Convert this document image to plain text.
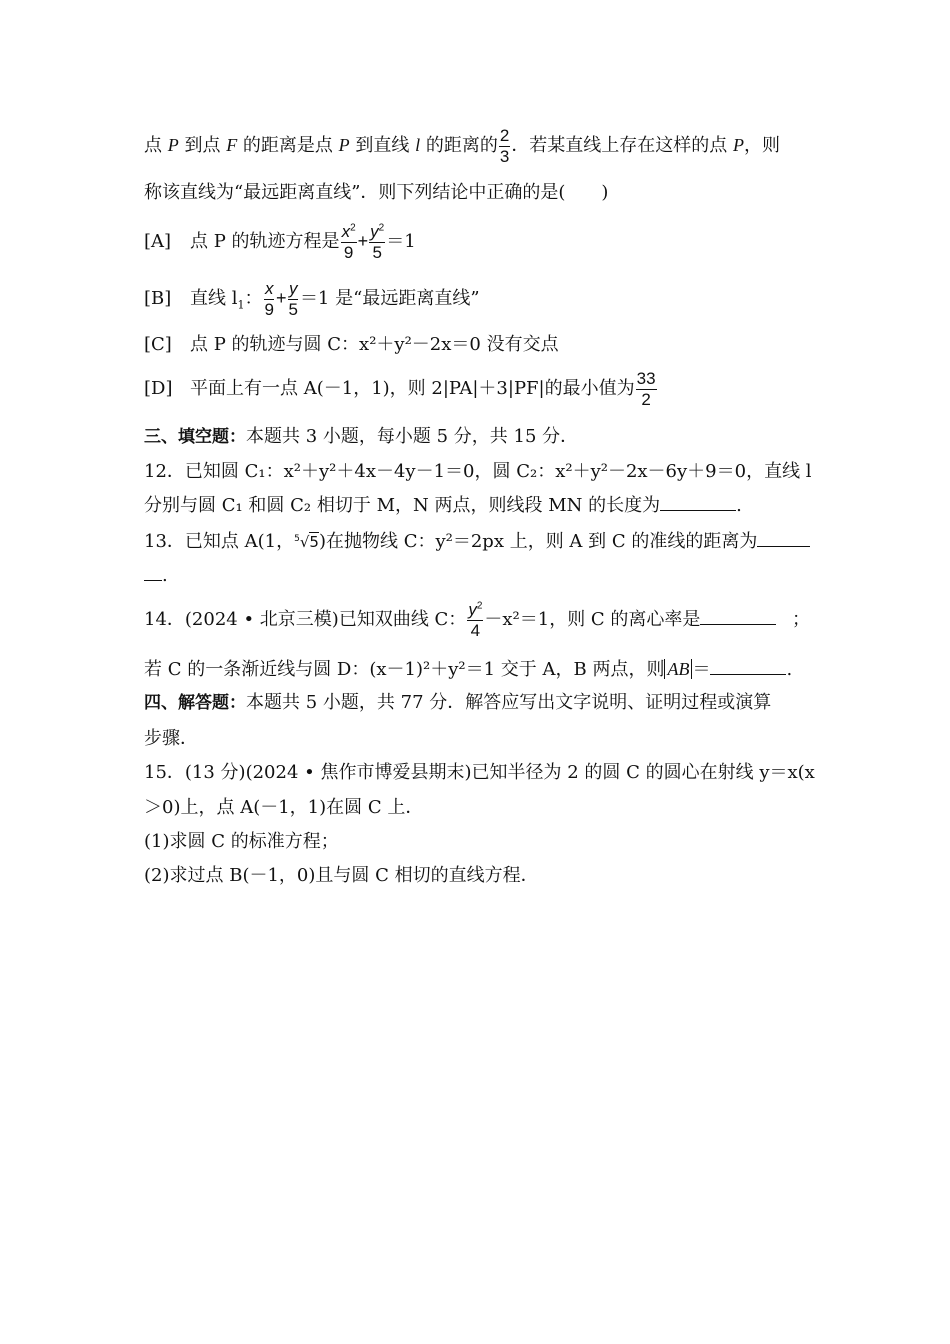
点 P 到点 F 的距离是点 P 到直线 l 的距离的 $\frac{2}{3}$ ．若某直线上存在这样的点 P，则
称该直线为“最远距离直线”．则下列结论中正确的是(　　)
[A] 点 P 的轨迹方程是 $\frac{x^2}{9} + \frac{y^2}{5} =1$
[B] 直线 $l_1$： $\frac{x}{9} + \frac{y}{5} =1$ 是“最远距离直线”
[C] 点 P 的轨迹与圆 C：x²＋y²－2x＝0 没有交点
[D] 平面上有一点 A(－1，1)，则 2|PA|＋3|PF|的最小值为 $\frac{33}{2}$
三、填空题：本题共 3 小题，每小题 5 分，共 15 分．
12．已知圆 C₁：x²＋y²＋4x－4y－1＝0，圆 C₂：x²＋y²－2x－6y＋9＝0，直线 l
分别与圆 C₁ 和圆 C₂ 相切于 M，N 两点，则线段 MN 的长度为	.
13．已知点 A(1，$^5$√5)在抛物线 C：y²＝2px 上，则 A 到 C 的准线的距离为
.
14．(2024 • 北京三模)已知双曲线 C： $\frac{y^2}{4} -x^2=1$，则 C 的离心率是	；
若 C 的一条渐近线与圆 D：(x－1)²＋y²＝1 交于 A，B 两点，则 AB ＝	.
四、解答题：本题共 5 小题，共 77 分．解答应写出文字说明、证明过程或演算
步骤．
15．(13 分)(2024 • 焦作市博爱县期末)已知半径为 2 的圆 C 的圆心在射线 y＝x(x
＞0)上，点 A(－1，1)在圆 C 上．
(1)求圆 C 的标准方程；
(2)求过点 B(－1，0)且与圆 C 相切的直线方程．
